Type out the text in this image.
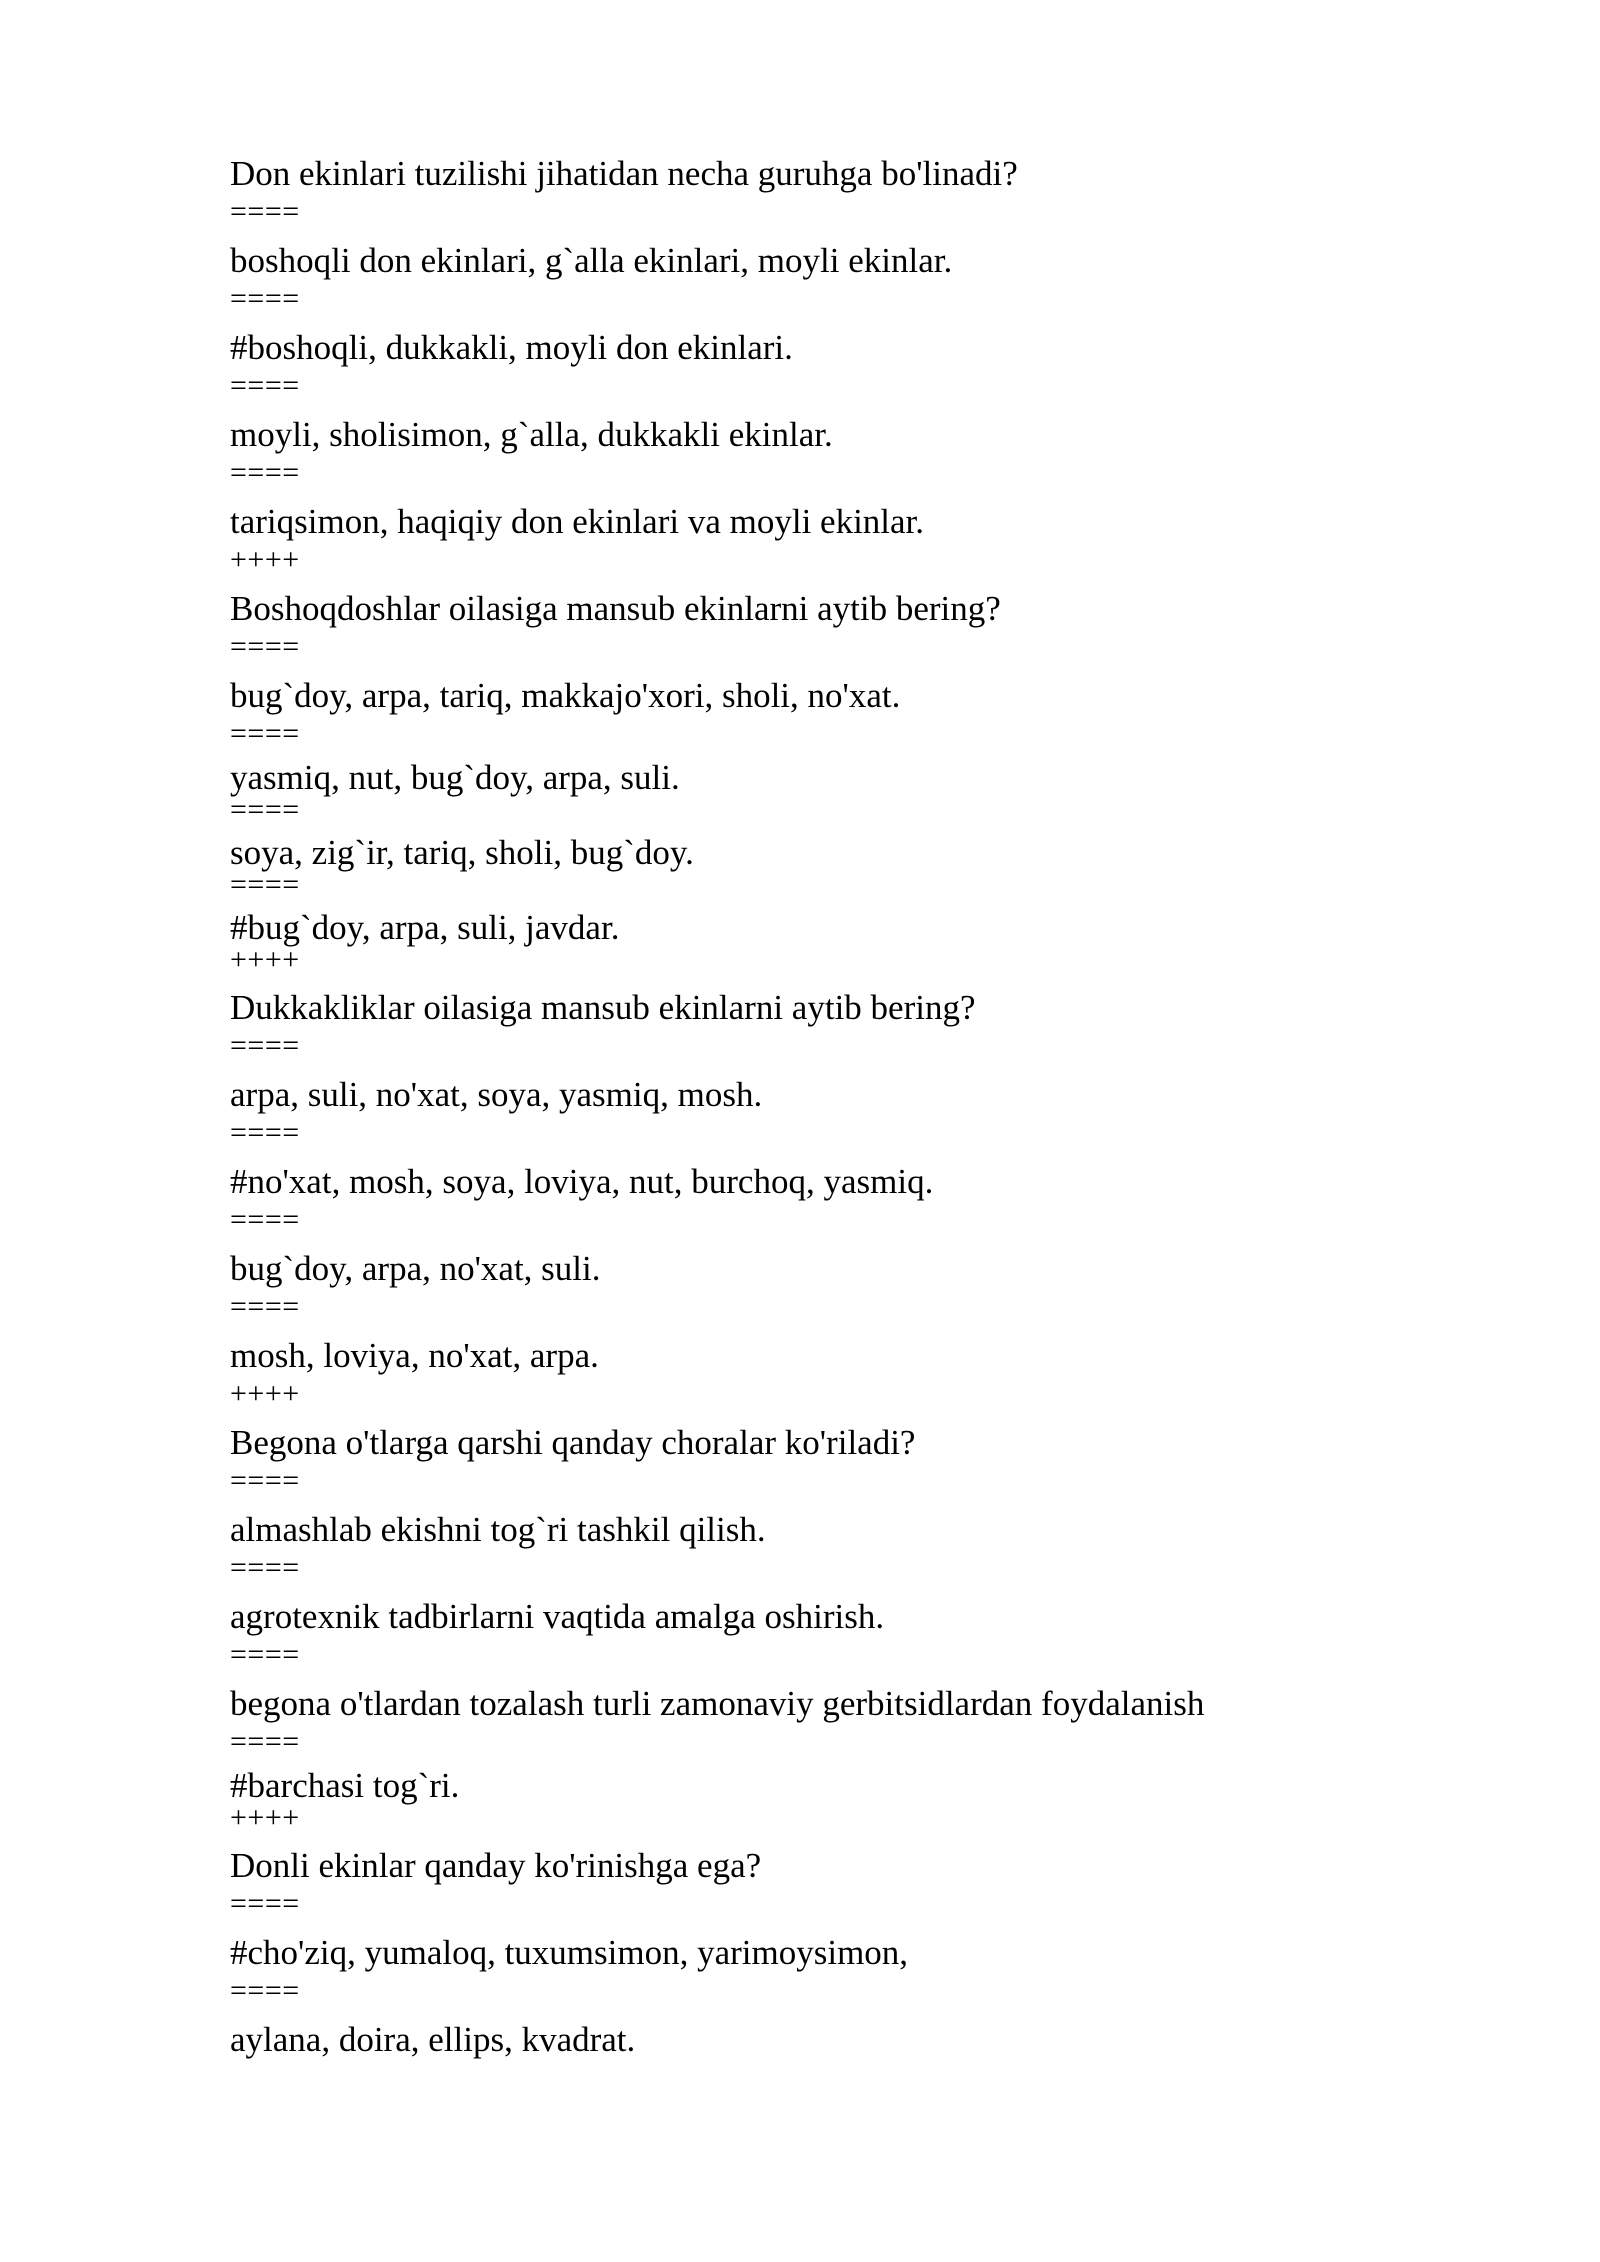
Don ekinlari tuzilishi jihatidan necha guruhga bo'linadi?
====
boshoqli don ekinlari, g`alla ekinlari, moyli ekinlar.
====
#boshoqli, dukkakli, moyli don ekinlari.
====
moyli, sholisimon, g`alla, dukkakli ekinlar.
====
tariqsimon, haqiqiy don ekinlari va moyli ekinlar.
++++
Boshoqdoshlar oilasiga mansub ekinlarni aytib bering?
====
bug`doy, arpa, tariq, makkajo'xori, sholi, no'xat.
====
yasmiq, nut, bug`doy, arpa, suli.
====
soya, zig`ir, tariq, sholi, bug`doy.
====
#bug`doy, arpa, suli, javdar.
++++
Dukkakliklar oilasiga mansub ekinlarni aytib bering?
====
arpa, suli, no'xat, soya, yasmiq, mosh.
====
#no'xat, mosh, soya, loviya, nut, burchoq, yasmiq.
====
bug`doy, arpa, no'xat, suli.
====
mosh, loviya, no'xat, arpa.
++++
Begona o'tlarga qarshi qanday choralar ko'riladi?
====
almashlab ekishni tog`ri tashkil qilish.
====
agrotexnik tadbirlarni vaqtida amalga oshirish.
====
begona o'tlardan tozalash turli zamonaviy gerbitsidlardan foydalanish
====
#barchasi tog`ri.
++++
Donli ekinlar qanday ko'rinishga ega?
====
#cho'ziq, yumaloq, tuxumsimon, yarimoysimon,
====
aylana, doira, ellips, kvadrat.
